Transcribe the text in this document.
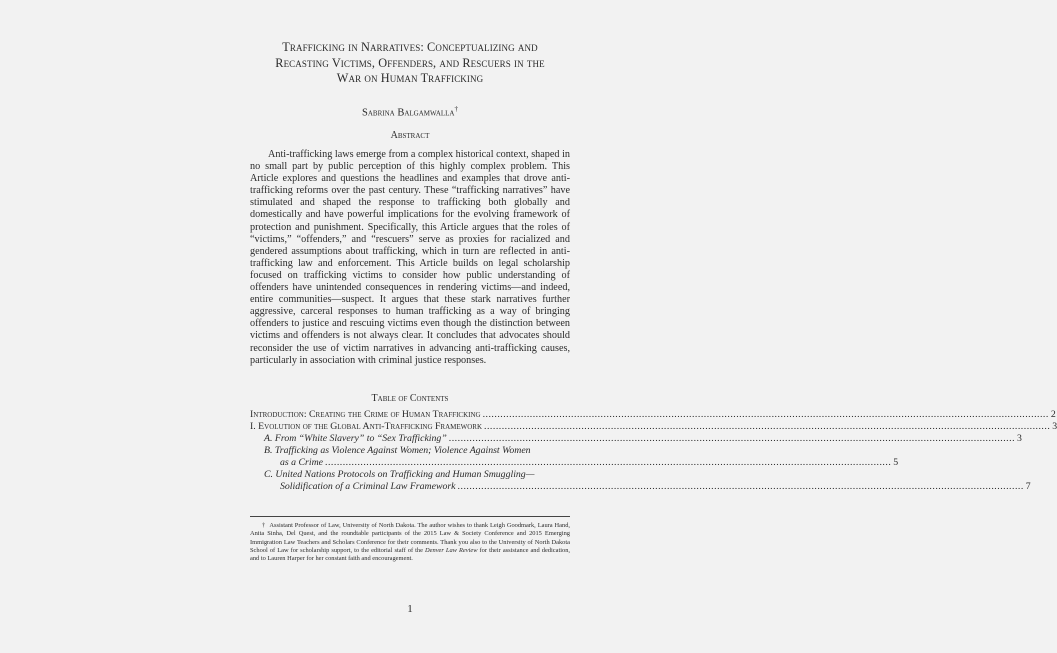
Trafficking in Narratives: Conceptualizing and
Recasting Victims, Offenders, and Rescuers in the
War on Human Trafficking
Sabrina Balgamwalla†
Abstract

Anti-trafficking laws emerge from a complex historical context, shaped in no small part by public perception of this highly complex problem. This Article explores and questions the headlines and examples that drove anti-trafficking reforms over the past century. These “trafficking narratives” have stimulated and shaped the response to trafficking both globally and domestically and have powerful implications for the evolving framework of protection and punishment. Specifically, this Article argues that the roles of “victims,” “offenders,” and “rescuers” serve as proxies for racialized and gendered assumptions about trafficking, which in turn are reflected in anti-trafficking law and enforcement. This Article builds on legal scholarship focused on trafficking victims to consider how public understanding of offenders have unintended consequences in rendering victims—and indeed, entire communities—suspect. It argues that these stark narratives further aggressive, carceral responses to human trafficking as a way of bringing offenders to justice and rescuing victims even though the distinction between victims and offenders is not always clear. It concludes that advocates should reconsider the use of victim narratives in advancing anti-trafficking causes, particularly in association with criminal justice responses.

Table of Contents
Introduction: Creating the Crime of Human Trafficking .....	2
I. Evolution of the Global Anti-Trafficking Framework .....	3
A. From “White Slavery” to “Sex Trafficking” .....	3
B. Trafficking as Violence Against Women; Violence Against Women
as a Crime .....	5
C. United Nations Protocols on Trafficking and Human Smuggling—
Solidification of a Criminal Law Framework .....	7

† Assistant Professor of Law, University of North Dakota. The author wishes to thank Leigh Goodmark, Laura Hand, Anita Sinha, Del Quest, and the roundtable participants of the 2015 Law & Society Conference and 2015 Emerging Immigration Law Teachers and Scholars Conference for their comments. Thank you also to the University of North Dakota School of Law for scholarship support, to the editorial staff of the Denver Law Review for their assistance and dedication, and to Lauren Harper for her constant faith and encouragement.

1
